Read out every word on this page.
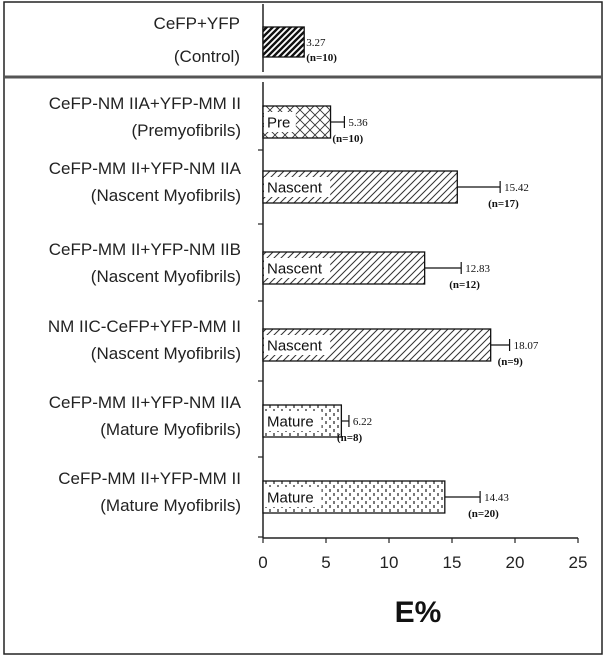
CeFP+YFP
(Control)
CeFP-NM IIA+YFP-MM II
(Premyofibrils)
CeFP-MM II+YFP-NM IIA
(Nascent Myofibrils)
CeFP-MM II+YFP-NM IIB
(Nascent Myofibrils)
NM IIC-CeFP+YFP-MM II
(Nascent Myofibrils)
CeFP-MM II+YFP-NM IIA
(Mature Myofibrils)
CeFP-MM II+YFP-MM II
(Mature Myofibrils)
3.27
(n=10)
Pre	5.36
(n=10)
Nascent	15.42
(n=17)
Nascent	12.83
(n=12)
Nascent	18.07
(n=9)
Mature	6.22
(n=8)
Mature	14.43
(n=20)
0	5	10	15	20	25
E%
